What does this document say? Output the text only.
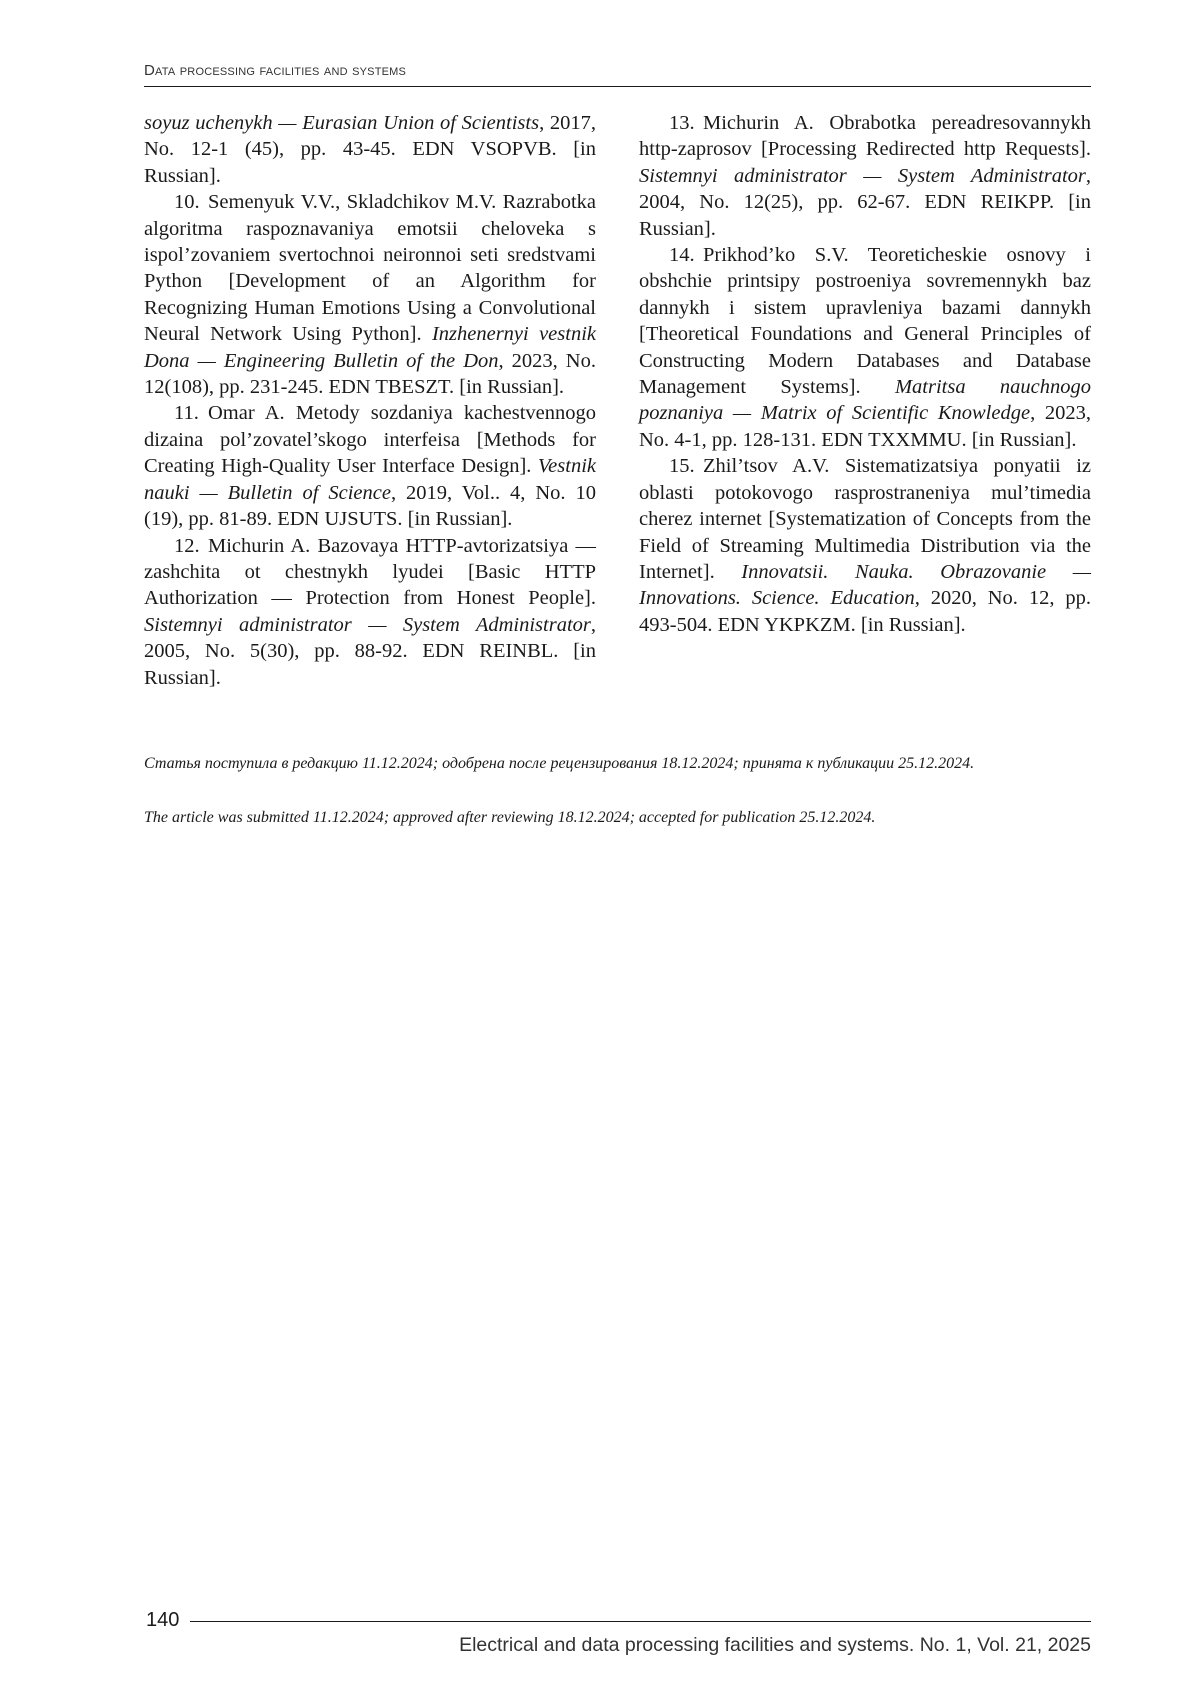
Data processing facilities and systems

soyuz uchenykh — Eurasian Union of Scientists, 2017, No. 12-1 (45), pp. 43-45. EDN VSOPVB. [in Russian].

10. Semenyuk V.V., Skladchikov M.V. Razrabotka algoritma raspoznavaniya emotsii cheloveka s ispol’zovaniem svertochnoi neironnoi seti sredstvami Python [Development of an Algorithm for Recognizing Human Emotions Using a Convolutional Neural Network Using Python]. Inzhenernyi vestnik Dona — Engineering Bulletin of the Don, 2023, No. 12(108), pp. 231-245. EDN TBESZT. [in Russian].

11. Omar A. Metody sozdaniya kachestvennogo dizaina pol’zovatel’skogo interfeisa [Methods for Creating High-Quality User Interface Design]. Vestnik nauki — Bulletin of Science, 2019, Vol.. 4, No. 10 (19), pp. 81-89. EDN UJSUTS. [in Russian].

12. Michurin A. Bazovaya HTTP-avtorizatsiya — zashchita ot chestnykh lyudei [Basic HTTP Authorization — Protection from Honest People]. Sistemnyi administrator — System Administrator, 2005, No. 5(30), pp. 88-92. EDN REINBL. [in Russian].

13. Michurin A. Obrabotka pereadresovannykh http-zaprosov [Processing Redirected http Requests]. Sistemnyi administrator — System Administrator, 2004, No. 12(25), pp. 62-67. EDN REIKPP. [in Russian].

14. Prikhod’ko S.V. Teoreticheskie osnovy i obshchie printsipy postroeniya sovremennykh baz dannykh i sistem upravleniya bazami dannykh [Theoretical Foundations and General Principles of Constructing Modern Databases and Database Management Systems]. Matritsa nauchnogo poznaniya — Matrix of Scientific Knowledge, 2023, No. 4-1, pp. 128-131. EDN TXXMMU. [in Russian].

15. Zhil’tsov A.V. Sistematizatsiya ponyatii iz oblasti potokovogo rasprostraneniya mul’timedia cherez internet [Systematization of Concepts from the Field of Streaming Multimedia Distribution via the Internet]. Innovatsii. Nauka. Obrazovanie — Innovations. Science. Education, 2020, No. 12, pp. 493-504. EDN YKPKZM. [in Russian].

Статья поступила в редакцию 11.12.2024; одобрена после рецензирования 18.12.2024; принята к публикации 25.12.2024.
The article was submitted 11.12.2024; approved after reviewing 18.12.2024; accepted for publication 25.12.2024.
140
Electrical and data processing facilities and systems. No. 1, Vol. 21, 2025
